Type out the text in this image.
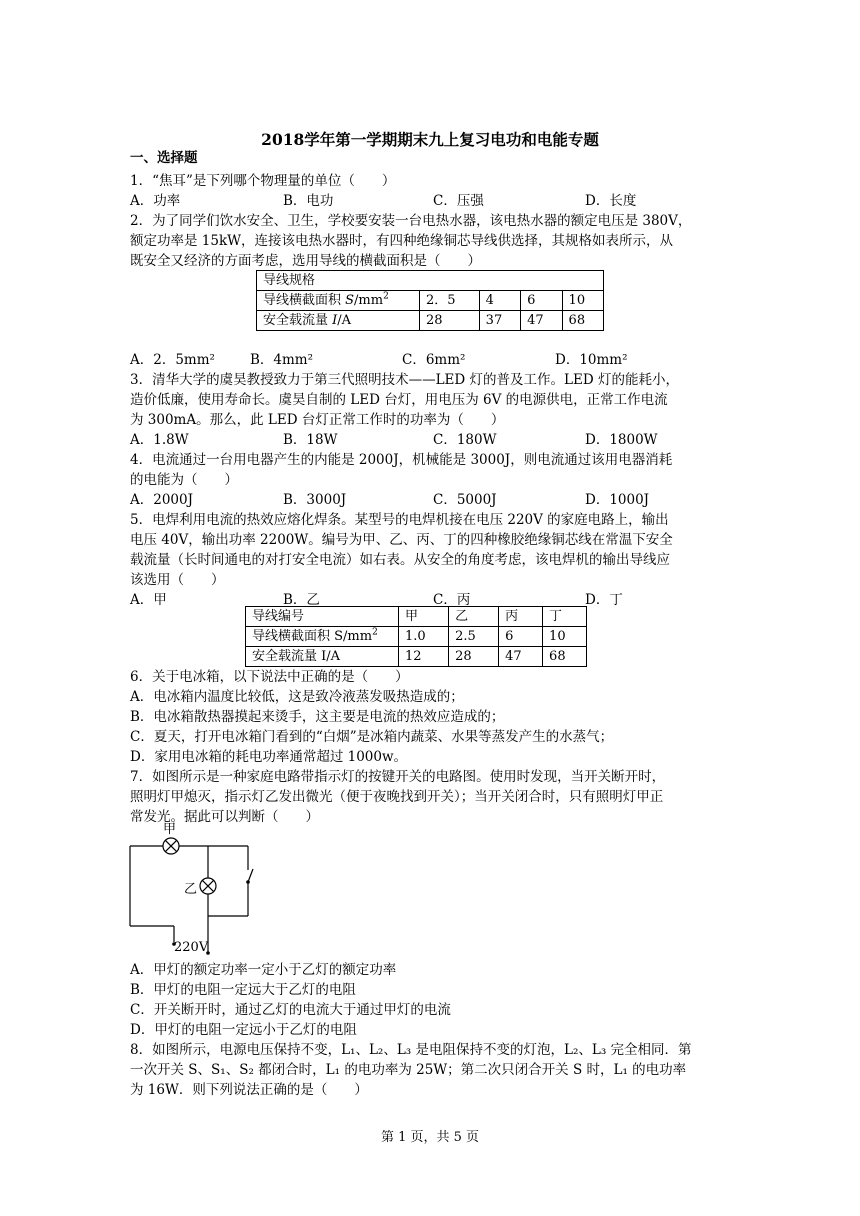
2018学年第一学期期末九上复习电功和电能专题
一、选择题
1．“焦耳”是下列哪个物理量的单位（　　）
A．功率	B．电功	C．压强	D．长度
2．为了同学们饮水安全、卫生，学校要安装一台电热水器，该电热水器的额定电压是 380V，
额定功率是 15kW，连接该电热水器时，有四种绝缘铜芯导线供选择，其规格如表所示，从
既安全又经济的方面考虑，选用导线的横截面积是（　　）
导线规格				
导线横截面积 $S/mm^2$	2．5	4	6	10
安全载流量 I/A	28	37	47	68
A．2．5mm²	B．4mm²	C．6mm²	D．10mm²
3．清华大学的虞昊教授致力于第三代照明技术——LED 灯的普及工作。LED 灯的能耗小，
造价低廉，使用寿命长。虞昊自制的 LED 台灯，用电压为 6V 的电源供电，正常工作电流
为 300mA。那么，此 LED 台灯正常工作时的功率为（　　）
A．1.8W	B．18W	C．180W	D．1800W
4．电流通过一台用电器产生的内能是 2000J，机械能是 3000J，则电流通过该用电器消耗
的电能为（　　）
A．2000J	B．3000J	C．5000J	D．1000J
5．电焊利用电流的热效应熔化焊条。某型号的电焊机接在电压 220V 的家庭电路上，输出
电压 40V，输出功率 2200W。编号为甲、乙、丙、丁的四种橡胶绝缘铜芯线在常温下安全
载流量（长时间通电的对打安全电流）如右表。从安全的角度考虑，该电焊机的输出导线应
该选用（　　）
A．甲	B．乙	C．丙	D．丁
导线编号	甲	乙	丙	丁
导线横截面积 $S/mm^2$	1.0	2.5	6	10
安全载流量 I/A	12	28	47	68
6．关于电冰箱，以下说法中正确的是（　　）
A．电冰箱内温度比较低，这是致冷液蒸发吸热造成的；
B．电冰箱散热器摸起来烫手，这主要是电流的热效应造成的；
C．夏天，打开电冰箱门看到的“白烟”是冰箱内蔬菜、水果等蒸发产生的水蒸气；
D．家用电冰箱的耗电功率通常超过 1000w。
7．如图所示是一种家庭电路带指示灯的按键开关的电路图。使用时发现，当开关断开时，
照明灯甲熄灭，指示灯乙发出微光（便于夜晚找到开关）；当开关闭合时，只有照明灯甲正
常发光。据此可以判断（　　）
甲
乙
220V
A．甲灯的额定功率一定小于乙灯的额定功率
B．甲灯的电阻一定远大于乙灯的电阻
C．开关断开时，通过乙灯的电流大于通过甲灯的电流
D．甲灯的电阻一定远小于乙灯的电阻
8．如图所示，电源电压保持不变，L₁、L₂、L₃ 是电阻保持不变的灯泡，L₂、L₃ 完全相同．第
一次开关 S、S₁、S₂ 都闭合时，L₁ 的电功率为 25W；第二次只闭合开关 S 时，L₁ 的电功率
为 16W．则下列说法正确的是（　　）
第 1 页，共 5 页
